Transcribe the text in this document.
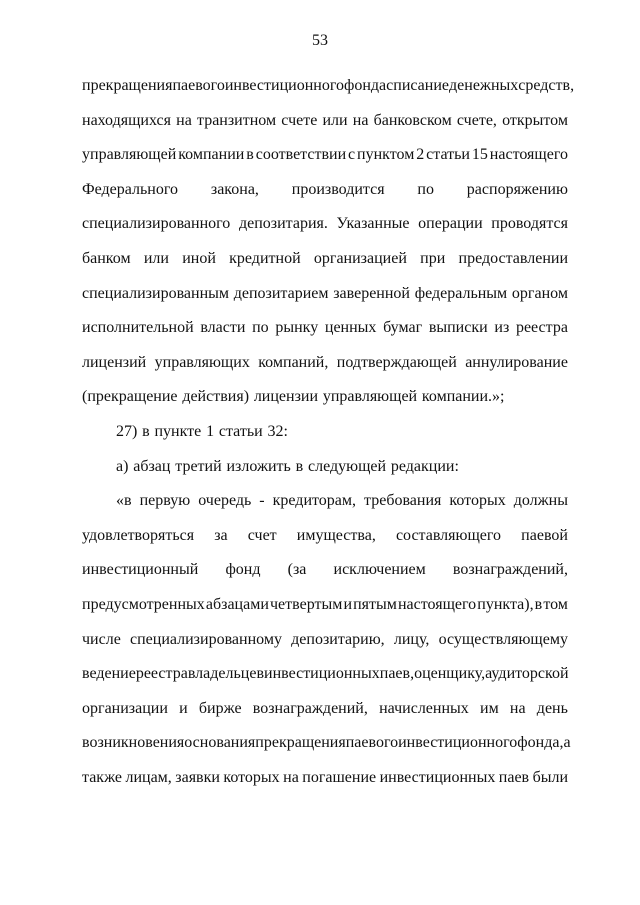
53
прекращения паевого инвестиционного фонда списание денежных средств,
находящихся на транзитном счете или на банковском счете, открытом
управляющей компании в соответствии с пунктом 2 статьи 15 настоящего
Федерального закона, производится по распоряжению
специализированного депозитария. Указанные операции проводятся
банком или иной кредитной организацией при предоставлении
специализированным депозитарием заверенной федеральным органом
исполнительной власти по рынку ценных бумаг выписки из реестра
лицензий управляющих компаний, подтверждающей аннулирование
(прекращение действия) лицензии управляющей компании.»;
27) в пункте 1 статьи 32:
а) абзац третий изложить в следующей редакции:
«в первую очередь - кредиторам, требования которых должны
удовлетворяться за счет имущества, составляющего паевой
инвестиционный фонд (за исключением вознаграждений,
предусмотренных абзацами четвертым и пятым настоящего пункта), в том
числе специализированному депозитарию, лицу, осуществляющему
ведение реестра владельцев инвестиционных паев, оценщику, аудиторской
организации и бирже вознаграждений, начисленных им на день
возникновения основания прекращения паевого инвестиционного фонда, а
также лицам, заявки которых на погашение инвестиционных паев были
